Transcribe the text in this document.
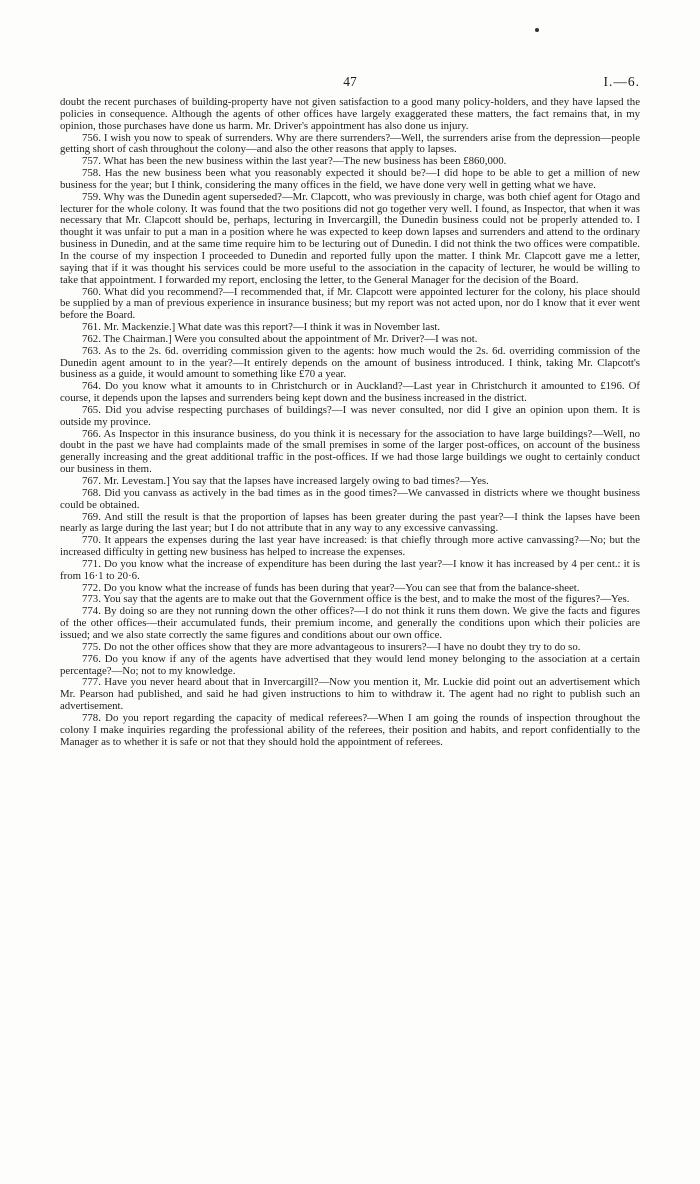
47	I.—6.

doubt the recent purchases of building-property have not given satisfaction to a good many policy-holders, and they have lapsed the policies in consequence. Although the agents of other offices have largely exaggerated these matters, the fact remains that, in my opinion, those purchases have done us harm. Mr. Driver's appointment has also done us injury.

756. I wish you now to speak of surrenders. Why are there surrenders?—Well, the surrenders arise from the depression—people getting short of cash throughout the colony—and also the other reasons that apply to lapses.

757. What has been the new business within the last year?—The new business has been £860,000.

758. Has the new business been what you reasonably expected it should be?—I did hope to be able to get a million of new business for the year; but I think, considering the many offices in the field, we have done very well in getting what we have.

759. Why was the Dunedin agent superseded?—Mr. Clapcott, who was previously in charge, was both chief agent for Otago and lecturer for the whole colony. It was found that the two positions did not go together very well. I found, as Inspector, that when it was necessary that Mr. Clapcott should be, perhaps, lecturing in Invercargill, the Dunedin business could not be properly attended to. I thought it was unfair to put a man in a position where he was expected to keep down lapses and surrenders and attend to the ordinary business in Dunedin, and at the same time require him to be lecturing out of Dunedin. I did not think the two offices were compatible. In the course of my inspection I proceeded to Dunedin and reported fully upon the matter. I think Mr. Clapcott gave me a letter, saying that if it was thought his services could be more useful to the association in the capacity of lecturer, he would be willing to take that appointment. I forwarded my report, enclosing the letter, to the General Manager for the decision of the Board.

760. What did you recommend?—I recommended that, if Mr. Clapcott were appointed lecturer for the colony, his place should be supplied by a man of previous experience in insurance business; but my report was not acted upon, nor do I know that it ever went before the Board.

761. Mr. Mackenzie.] What date was this report?—I think it was in November last.

762. The Chairman.] Were you consulted about the appointment of Mr. Driver?—I was not.

763. As to the 2s. 6d. overriding commission given to the agents: how much would the 2s. 6d. overriding commission of the Dunedin agent amount to in the year?—It entirely depends on the amount of business introduced. I think, taking Mr. Clapcott's business as a guide, it would amount to something like £70 a year.

764. Do you know what it amounts to in Christchurch or in Auckland?—Last year in Christchurch it amounted to £196. Of course, it depends upon the lapses and surrenders being kept down and the business increased in the district.

765. Did you advise respecting purchases of buildings?—I was never consulted, nor did I give an opinion upon them. It is outside my province.

766. As Inspector in this insurance business, do you think it is necessary for the association to have large buildings?—Well, no doubt in the past we have had complaints made of the small premises in some of the larger post-offices, on account of the business generally increasing and the great additional traffic in the post-offices. If we had those large buildings we ought to certainly conduct our business in them.

767. Mr. Levestam.] You say that the lapses have increased largely owing to bad times?—Yes.

768. Did you canvass as actively in the bad times as in the good times?—We canvassed in districts where we thought business could be obtained.

769. And still the result is that the proportion of lapses has been greater during the past year?—I think the lapses have been nearly as large during the last year; but I do not attribute that in any way to any excessive canvassing.

770. It appears the expenses during the last year have increased: is that chiefly through more active canvassing?—No; but the increased difficulty in getting new business has helped to increase the expenses.

771. Do you know what the increase of expenditure has been during the last year?—I know it has increased by 4 per cent.: it is from 16·1 to 20·6.

772. Do you know what the increase of funds has been during that year?—You can see that from the balance-sheet.

773. You say that the agents are to make out that the Government office is the best, and to make the most of the figures?—Yes.

774. By doing so are they not running down the other offices?—I do not think it runs them down. We give the facts and figures of the other offices—their accumulated funds, their premium income, and generally the conditions upon which their policies are issued; and we also state correctly the same figures and conditions about our own office.

775. Do not the other offices show that they are more advantageous to insurers?—I have no doubt they try to do so.

776. Do you know if any of the agents have advertised that they would lend money belonging to the association at a certain percentage?—No; not to my knowledge.

777. Have you never heard about that in Invercargill?—Now you mention it, Mr. Luckie did point out an advertisement which Mr. Pearson had published, and said he had given instructions to him to withdraw it. The agent had no right to publish such an advertisement.

778. Do you report regarding the capacity of medical referees?—When I am going the rounds of inspection throughout the colony I make inquiries regarding the professional ability of the referees, their position and habits, and report confidentially to the Manager as to whether it is safe or not that they should hold the appointment of referees.
